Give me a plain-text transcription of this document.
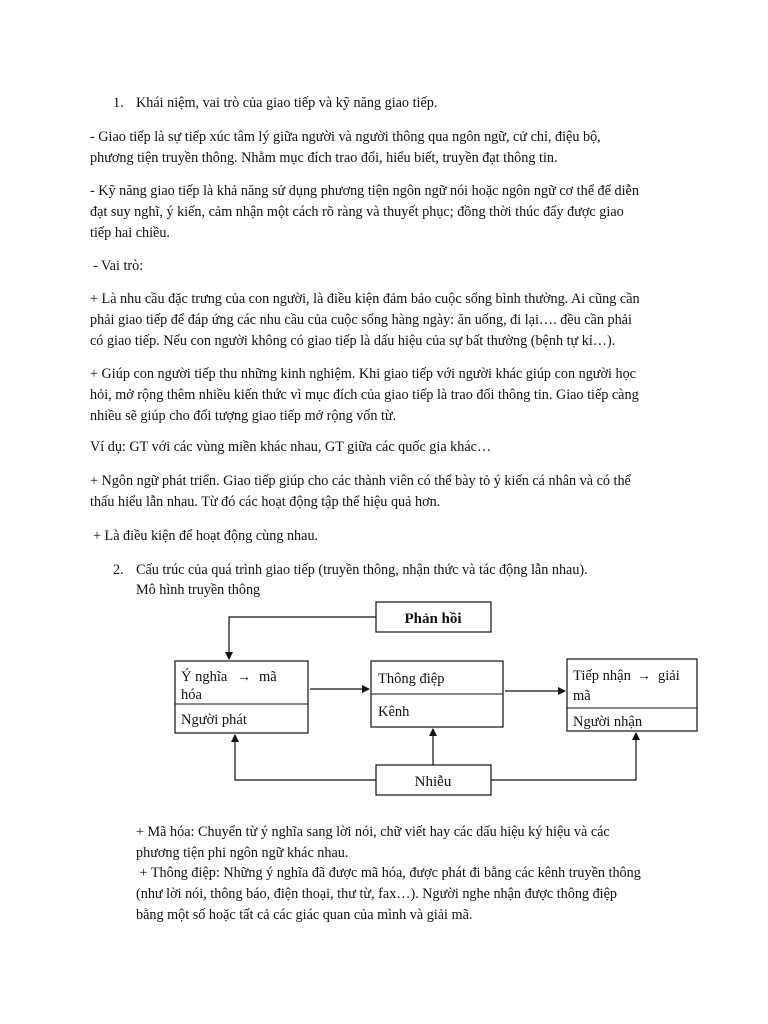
1. Khái niệm, vai trò của giao tiếp và kỹ năng giao tiếp.
- Giao tiếp là sự tiếp xúc tâm lý giữa người và người thông qua ngôn ngữ, cử chỉ, điệu bộ,
phương tiện truyền thông. Nhằm mục đích trao đổi, hiểu biết, truyền đạt thông tin.
- Kỹ năng giao tiếp là khả năng sử dụng phương tiện ngôn ngữ nói hoặc ngôn ngữ cơ thể để diễn
đạt suy nghĩ, ý kiến, cảm nhận một cách rõ ràng và thuyết phục; đồng thời thúc đẩy được giao
tiếp hai chiều.
- Vai trò:
+ Là nhu cầu đặc trưng của con người, là điều kiện đảm bảo cuộc sống bình thường. Ai cũng cần
phải giao tiếp để đáp ứng các nhu cầu của cuộc sống hàng ngày: ăn uống, đi lại…. đều cần phải
có giao tiếp. Nếu con người không có giao tiếp là dấu hiệu của sự bất thường (bệnh tự kỉ…).
+ Giúp con người tiếp thu những kinh nghiệm. Khi giao tiếp với người khác giúp con người học
hỏi, mở rộng thêm nhiều kiến thức vì mục đích của giao tiếp là trao đổi thông tin. Giao tiếp càng
nhiều sẽ giúp cho đối tượng giao tiếp mở rộng vốn từ.
Ví dụ: GT với các vùng miền khác nhau, GT giữa các quốc gia khác…
+ Ngôn ngữ phát triển. Giao tiếp giúp cho các thành viên có thể bày tỏ ý kiến cá nhân và có thể
thấu hiểu lẫn nhau. Từ đó các hoạt động tập thể hiệu quả hơn.
+ Là điều kiện để hoạt động cùng nhau.
2. Cấu trúc của quá trình giao tiếp (truyền thông, nhận thức và tác động lẫn nhau).
Mô hình truyền thông
Phản hồi
Ý nghĩa → mã
hóa
Người phát
Thông điệp
Kênh
Tiếp nhận → giải
mã
Người nhận
Nhiễu
+ Mã hóa: Chuyển từ ý nghĩa sang lời nói, chữ viết hay các dấu hiệu ký hiệu và các
phương tiện phi ngôn ngữ khác nhau.
+ Thông điệp: Những ý nghĩa đã được mã hóa, được phát đi bằng các kênh truyền thông
(như lời nói, thông báo, điện thoại, thư từ, fax…). Người nghe nhận được thông điệp
bằng một số hoặc tất cả các giác quan của mình và giải mã.
